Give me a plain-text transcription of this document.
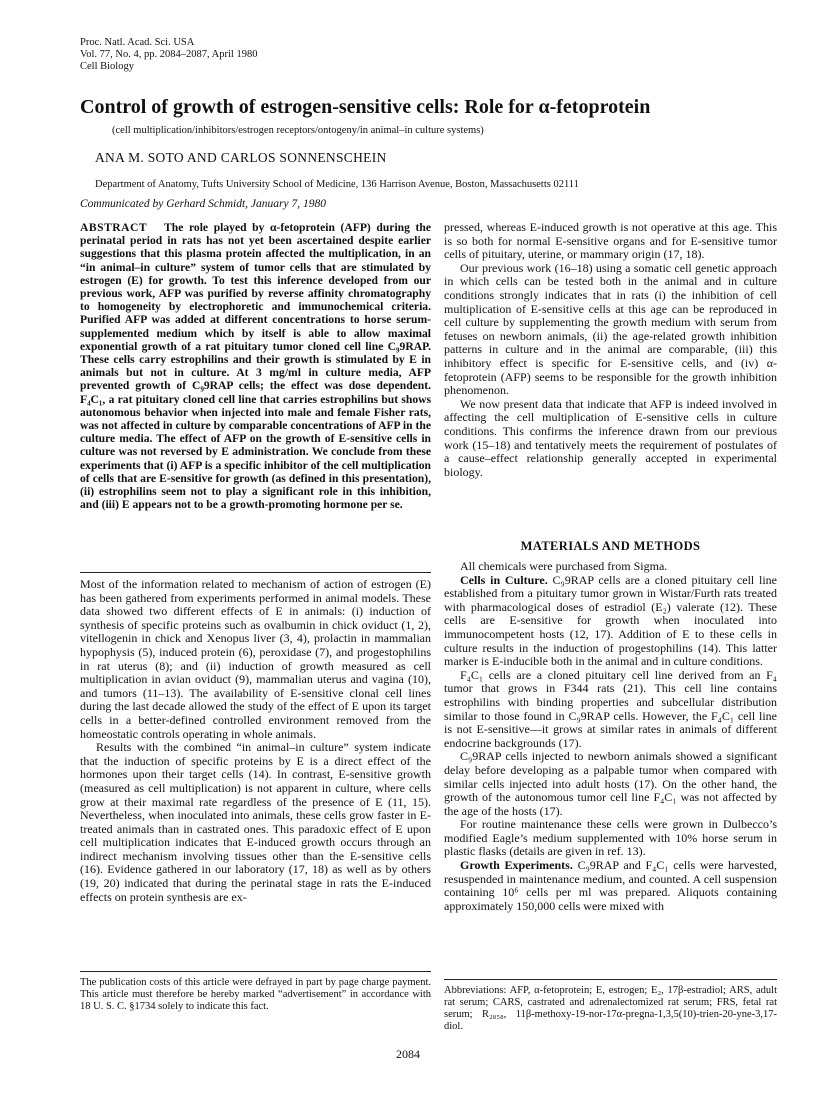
Proc. Natl. Acad. Sci. USA
Vol. 77, No. 4, pp. 2084–2087, April 1980
Cell Biology
Control of growth of estrogen-sensitive cells: Role for α-fetoprotein
(cell multiplication/inhibitors/estrogen receptors/ontogeny/in animal–in culture systems)
ANA M. SOTO AND CARLOS SONNENSCHEIN
Department of Anatomy, Tufts University School of Medicine, 136 Harrison Avenue, Boston, Massachusetts 02111
Communicated by Gerhard Schmidt, January 7, 1980

ABSTRACT The role played by α-fetoprotein (AFP) during the perinatal period in rats has not yet been ascertained despite earlier suggestions that this plasma protein affected the multiplication, in an “in animal–in culture” system of tumor cells that are stimulated by estrogen (E) for growth. To test this inference developed from our previous work, AFP was purified by reverse affinity chromatography to homogeneity by electrophoretic and immunochemical criteria. Purified AFP was added at different concentrations to horse serum-supplemented medium which by itself is able to allow maximal exponential growth of a rat pituitary tumor cloned cell line C₉9RAP. These cells carry estrophilins and their growth is stimulated by E in animals but not in culture. At 3 mg/ml in culture media, AFP prevented growth of C₉9RAP cells; the effect was dose dependent. F₄C₁, a rat pituitary cloned cell line that carries estrophilins but shows autonomous behavior when injected into male and female Fisher rats, was not affected in culture by comparable concentrations of AFP in the culture media. The effect of AFP on the growth of E-sensitive cells in culture was not reversed by E administration. We conclude from these experiments that (i) AFP is a specific inhibitor of the cell multiplication of cells that are E-sensitive for growth (as defined in this presentation), (ii) estrophilins seem not to play a significant role in this inhibition, and (iii) E appears not to be a growth-promoting hormone per se.

Most of the information related to mechanism of action of estrogen (E) has been gathered from experiments performed in animal models. These data showed two different effects of E in animals: (i) induction of synthesis of specific proteins such as ovalbumin in chick oviduct (1, 2), vitellogenin in chick and Xenopus liver (3, 4), prolactin in mammalian hypophysis (5), induced protein (6), peroxidase (7), and progestophilins in rat uterus (8); and (ii) induction of growth measured as cell multiplication in avian oviduct (9), mammalian uterus and vagina (10), and tumors (11–13). The availability of E-sensitive clonal cell lines during the last decade allowed the study of the effect of E upon its target cells in a better-defined controlled environment removed from the homeostatic controls operating in whole animals.

Results with the combined “in animal–in culture” system indicate that the induction of specific proteins by E is a direct effect of the hormones upon their target cells (14). In contrast, E-sensitive growth (measured as cell multiplication) is not apparent in culture, where cells grow at their maximal rate regardless of the presence of E (11, 15). Nevertheless, when inoculated into animals, these cells grow faster in E-treated animals than in castrated ones. This paradoxic effect of E upon cell multiplication indicates that E-induced growth occurs through an indirect mechanism involving tissues other than the E-sensitive cells (16). Evidence gathered in our laboratory (17, 18) as well as by others (19, 20) indicated that during the perinatal stage in rats the E-induced effects on protein synthesis are ex-

pressed, whereas E-induced growth is not operative at this age. This is so both for normal E-sensitive organs and for E-sensitive tumor cells of pituitary, uterine, or mammary origin (17, 18).

Our previous work (16–18) using a somatic cell genetic approach in which cells can be tested both in the animal and in culture conditions strongly indicates that in rats (i) the inhibition of cell multiplication of E-sensitive cells at this age can be reproduced in cell culture by supplementing the growth medium with serum from fetuses on newborn animals, (ii) the age-related growth inhibition patterns in culture and in the animal are comparable, (iii) this inhibitory effect is specific for E-sensitive cells, and (iv) α-fetoprotein (AFP) seems to be responsible for the growth inhibition phenomenon.

We now present data that indicate that AFP is indeed involved in affecting the cell multiplication of E-sensitive cells in culture conditions. This confirms the inference drawn from our previous work (15–18) and tentatively meets the requirement of postulates of a cause–effect relationship generally accepted in experimental biology.

MATERIALS AND METHODS

All chemicals were purchased from Sigma.

Cells in Culture. C₉9RAP cells are a cloned pituitary cell line established from a pituitary tumor grown in Wistar/Furth rats treated with pharmacological doses of estradiol (E₂) valerate (12). These cells are E-sensitive for growth when inoculated into immunocompetent hosts (12, 17). Addition of E to these cells in culture results in the induction of progestophilins (14). This latter marker is E-inducible both in the animal and in culture conditions.

F₄C₁ cells are a cloned pituitary cell line derived from an F₄ tumor that grows in F344 rats (21). This cell line contains estrophilins with binding properties and subcellular distribution similar to those found in C₉9RAP cells. However, the F₄C₁ cell line is not E-sensitive—it grows at similar rates in animals of different endocrine backgrounds (17).

C₉9RAP cells injected to newborn animals showed a significant delay before developing as a palpable tumor when compared with similar cells injected into adult hosts (17). On the other hand, the growth of the autonomous tumor cell line F₄C₁ was not affected by the age of the hosts (17).

For routine maintenance these cells were grown in Dulbecco’s modified Eagle’s medium supplemented with 10% horse serum in plastic flasks (details are given in ref. 13).

Growth Experiments. C₉9RAP and F₄C₁ cells were harvested, resuspended in maintenance medium, and counted. A cell suspension containing 10⁶ cells per ml was prepared. Aliquots containing approximately 150,000 cells were mixed with

The publication costs of this article were defrayed in part by page charge payment. This article must therefore be hereby marked “advertisement” in accordance with 18 U. S. C. §1734 solely to indicate this fact.
Abbreviations: AFP, α-fetoprotein; E, estrogen; E₂, 17β-estradiol; ARS, adult rat serum; CARS, castrated and adrenalectomized rat serum; FRS, fetal rat serum; R₂₈₅₈, 11β-methoxy-19-nor-17α-pregna-1,3,5(10)-trien-20-yne-3,17-diol.
2084
